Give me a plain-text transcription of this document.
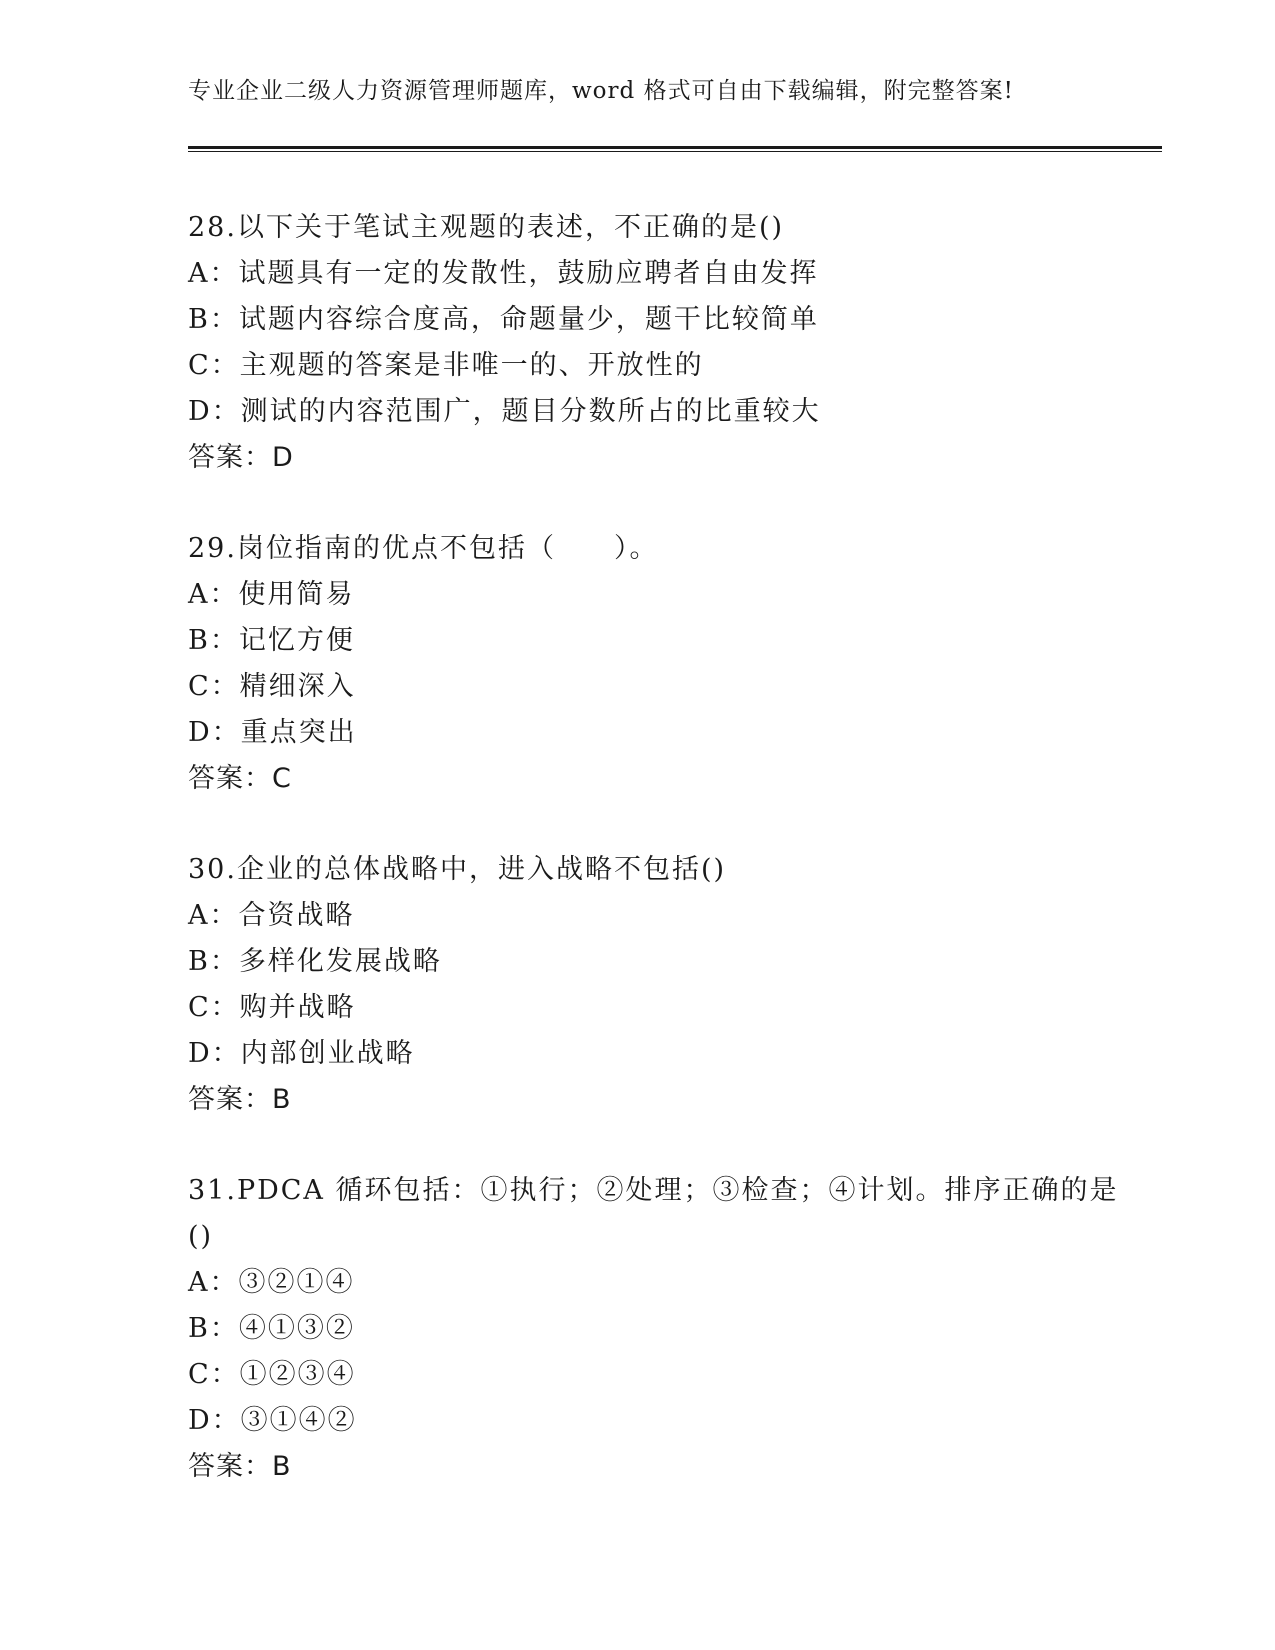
专业企业二级人力资源管理师题库，word 格式可自由下载编辑，附完整答案!
28.以下关于笔试主观题的表述，不正确的是()
A：试题具有一定的发散性，鼓励应聘者自由发挥
B：试题内容综合度高，命题量少，题干比较简单
C：主观题的答案是非唯一的、开放性的
D：测试的内容范围广，题目分数所占的比重较大
答案：D
29.岗位指南的优点不包括（　　）。
A：使用简易
B：记忆方便
C：精细深入
D：重点突出
答案：C
30.企业的总体战略中，进入战略不包括()
A：合资战略
B：多样化发展战略
C：购并战略
D：内部创业战略
答案：B
31.PDCA 循环包括：①执行；②处理；③检查；④计划。排序正确的是
()
A：③②①④
B：④①③②
C：①②③④
D：③①④②
答案：B
